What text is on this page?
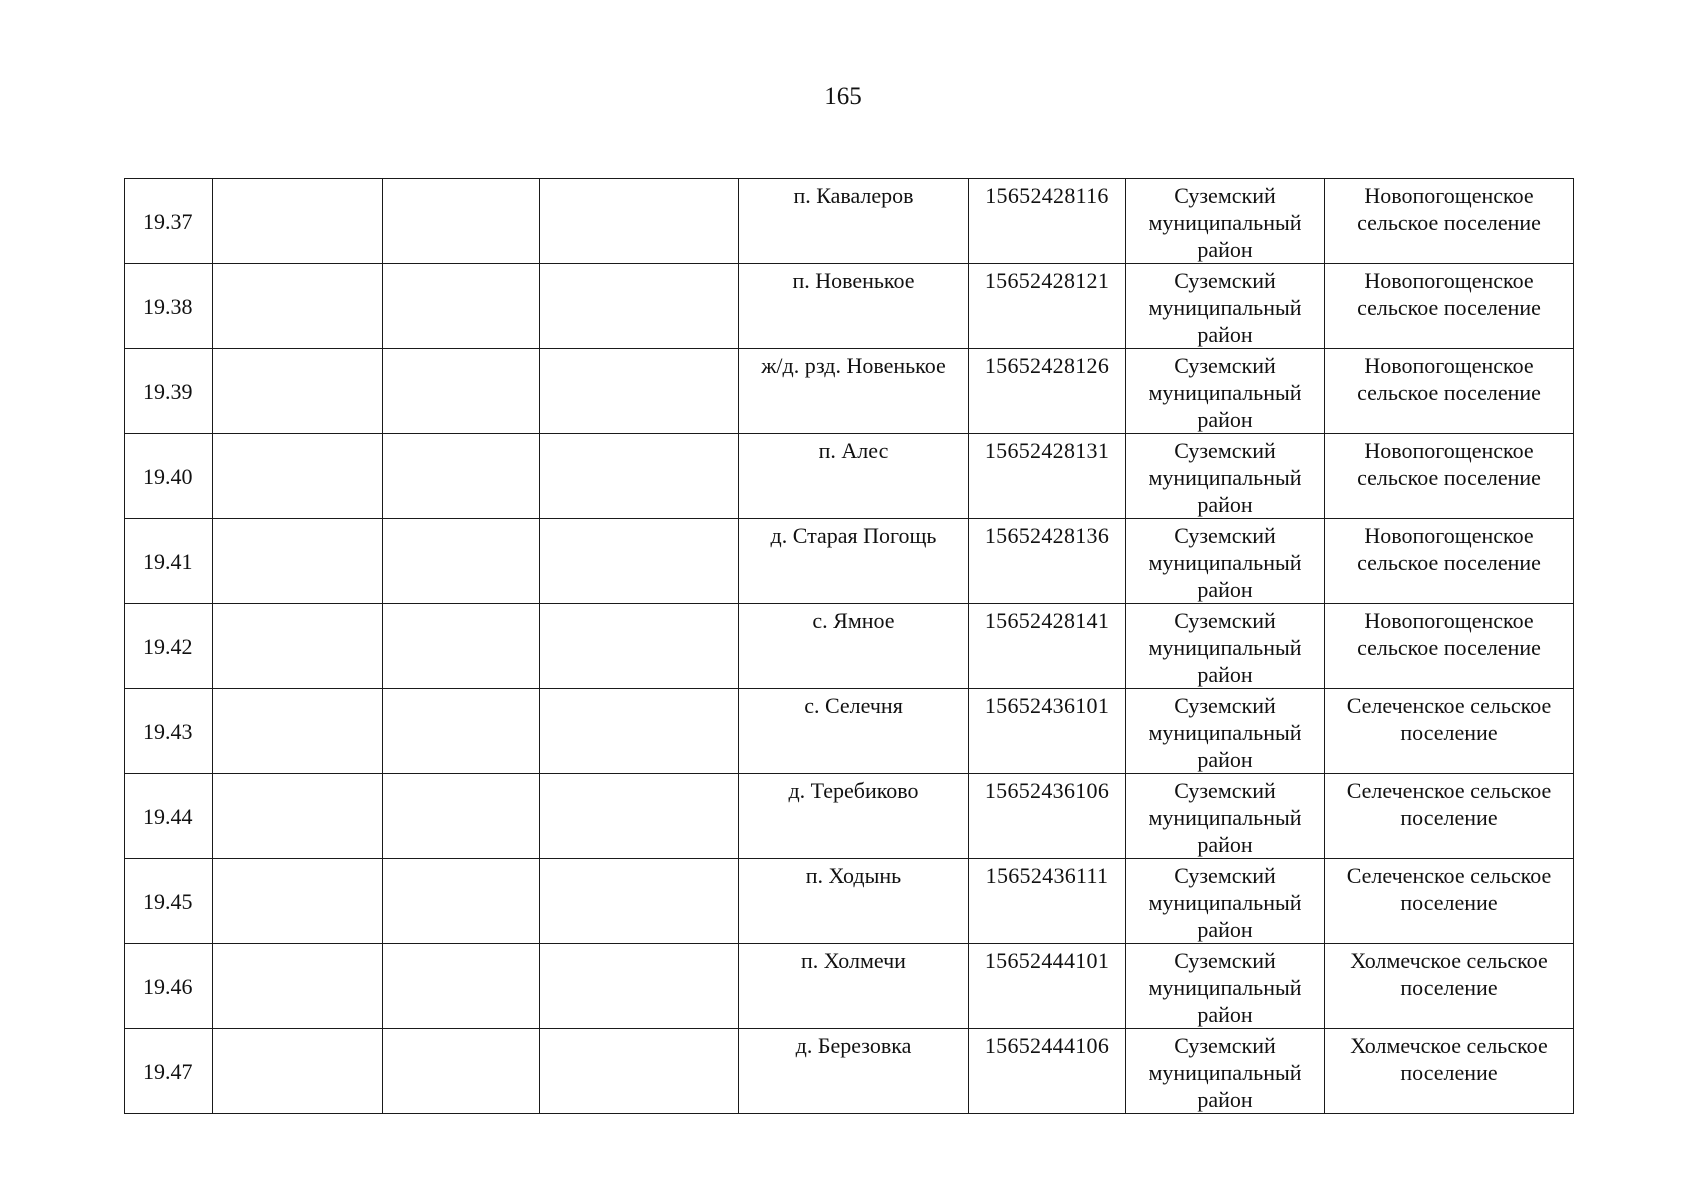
165
19.37				п. Кавалеров	15652428116	Суземский
муниципальный
район	Новопогощенское
сельское поселение

19.38				п. Новенькое	15652428121	Суземский
муниципальный
район	Новопогощенское
сельское поселение

19.39				ж/д. рзд. Новенькое	15652428126	Суземский
муниципальный
район	Новопогощенское
сельское поселение

19.40				п. Алес	15652428131	Суземский
муниципальный
район	Новопогощенское
сельское поселение

19.41				д. Старая Погощь	15652428136	Суземский
муниципальный
район	Новопогощенское
сельское поселение

19.42				с. Ямное	15652428141	Суземский
муниципальный
район	Новопогощенское
сельское поселение

19.43				с. Селечня	15652436101	Суземский
муниципальный
район	Селеченское сельское
поселение

19.44				д. Теребиково	15652436106	Суземский
муниципальный
район	Селеченское сельское
поселение

19.45				п. Ходынь	15652436111	Суземский
муниципальный
район	Селеченское сельское
поселение

19.46				п. Холмечи	15652444101	Суземский
муниципальный
район	Холмечское сельское
поселение

19.47				д. Березовка	15652444106	Суземский
муниципальный
район	Холмечское сельское
поселение
